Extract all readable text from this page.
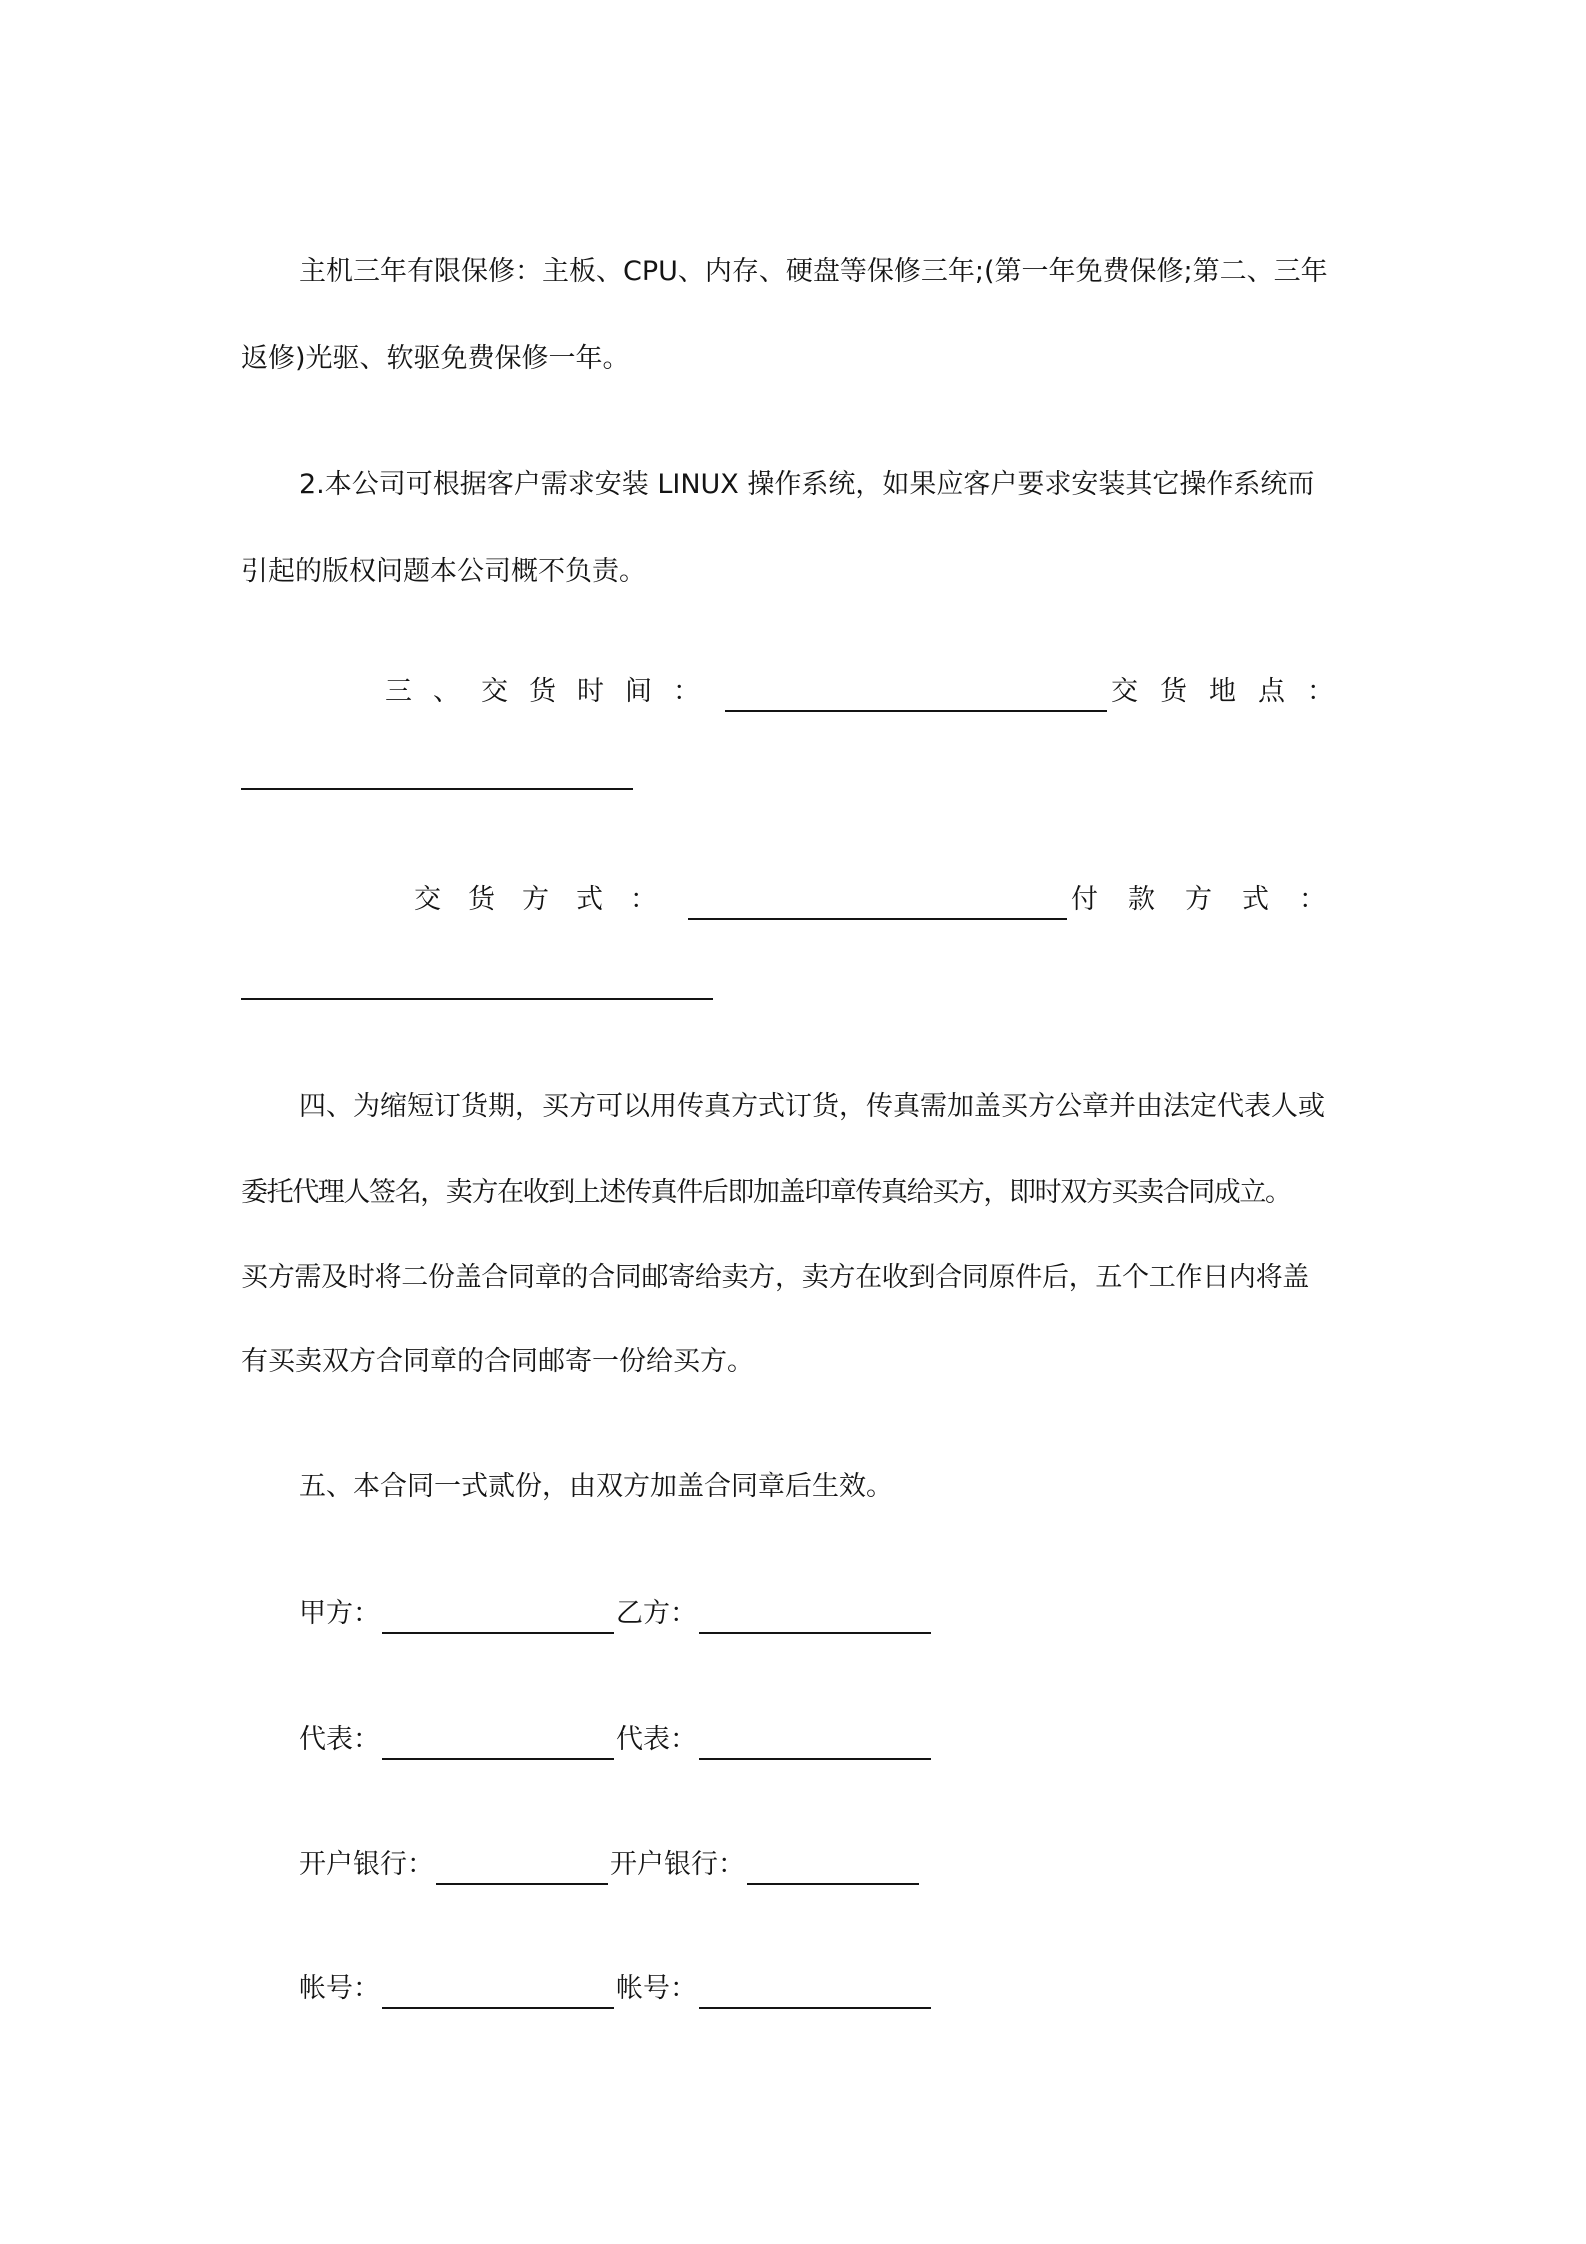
主机三年有限保修：主板、CPU、内存、硬盘等保修三年;(第一年免费保修;第二、三年
返修)光驱、软驱免费保修一年。
2.本公司可根据客户需求安装 LINUX 操作系统，如果应客户要求安装其它操作系统而
引起的版权问题本公司概不负责。
三、交货时间：	交货地点：
交货方式：	付款方式：
四、为缩短订货期，买方可以用传真方式订货，传真需加盖买方公章并由法定代表人或
委托代理人签名，卖方在收到上述传真件后即加盖印章传真给买方，即时双方买卖合同成立。
买方需及时将二份盖合同章的合同邮寄给卖方，卖方在收到合同原件后，五个工作日内将盖
有买卖双方合同章的合同邮寄一份给买方。
五、本合同一式贰份，由双方加盖合同章后生效。
甲方：	乙方：
代表：	代表：
开户银行：	开户银行：
帐号：	帐号：
